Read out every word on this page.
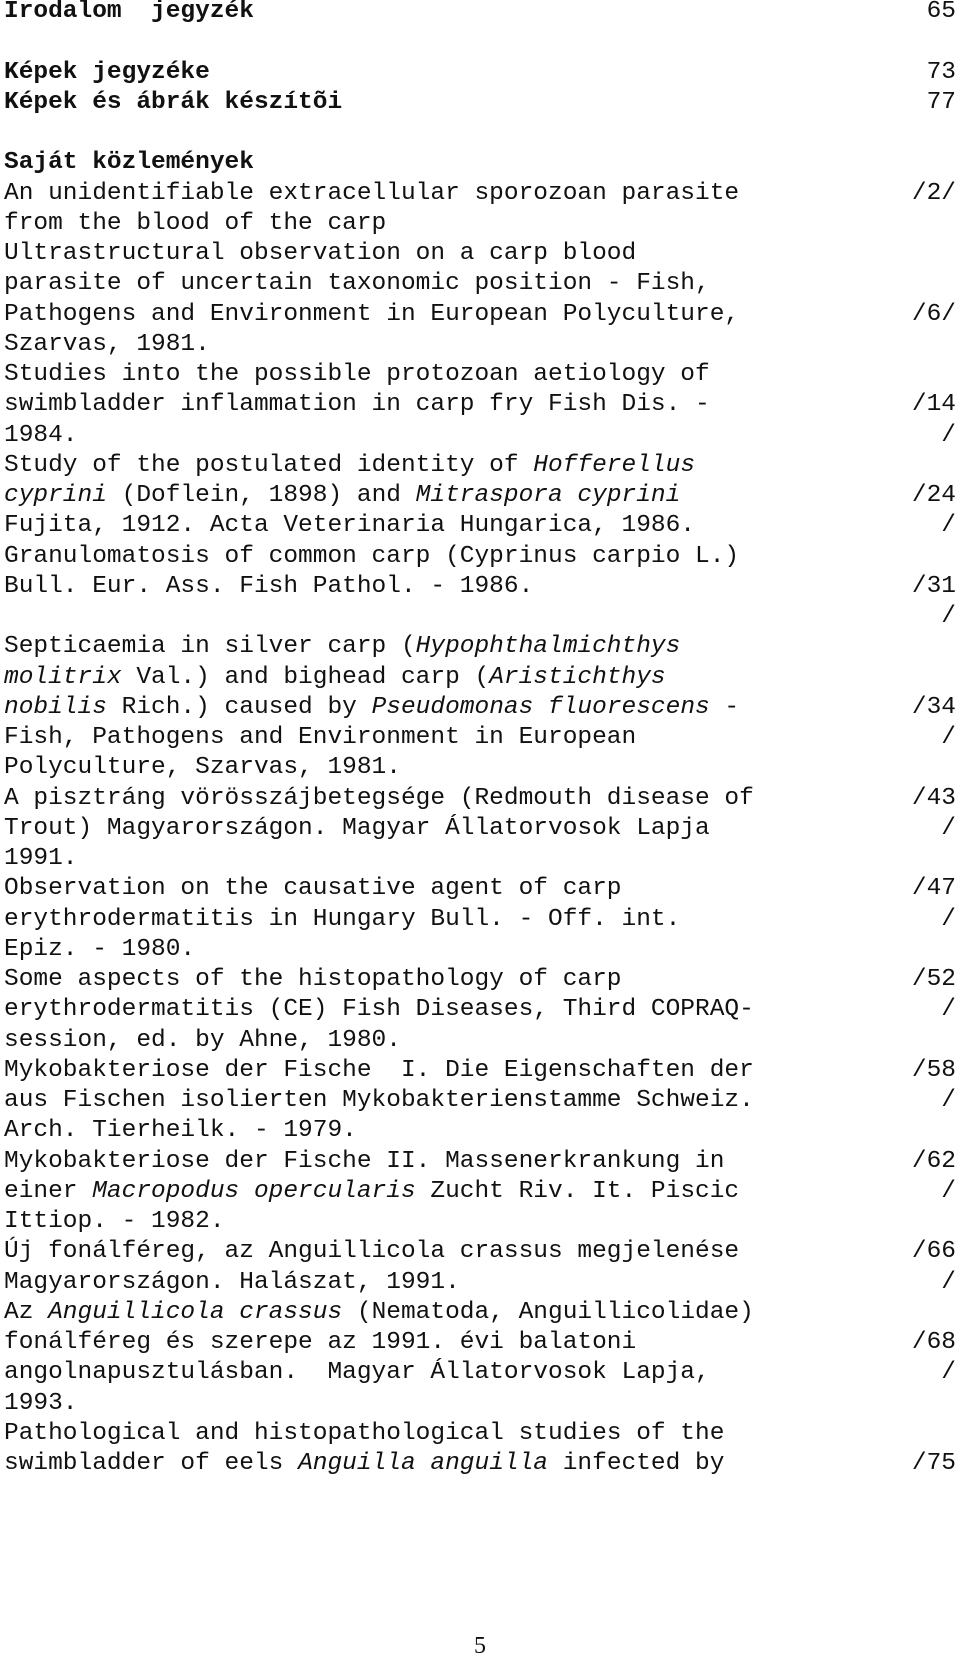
Irodalom  jegyzék	65
Képek jegyzéke	73
Képek és ábrák készítõi	77
Saját közlemények
An unidentifiable extracellular sporozoan parasite	/2/
from the blood of the carp
Ultrastructural observation on a carp blood
parasite of uncertain taxonomic position - Fish,
Pathogens and Environment in European Polyculture,	/6/
Szarvas, 1981.
Studies into the possible protozoan aetiology of
swimbladder inflammation in carp fry Fish Dis. -	/14
1984.	/
Study of the postulated identity of Hofferellus
cyprini (Doflein, 1898) and Mitraspora cyprini	/24
Fujita, 1912. Acta Veterinaria Hungarica, 1986.	/
Granulomatosis of common carp (Cyprinus carpio L.)
Bull. Eur. Ass. Fish Pathol. - 1986.	/31
/
Septicaemia in silver carp (Hypophthalmichthys
molitrix Val.) and bighead carp (Aristichthys
nobilis Rich.) caused by Pseudomonas fluorescens -	/34
Fish, Pathogens and Environment in European	/
Polyculture, Szarvas, 1981.
A pisztráng vörösszájbetegsége (Redmouth disease of	/43
Trout) Magyarországon. Magyar Állatorvosok Lapja	/
1991.
Observation on the causative agent of carp	/47
erythrodermatitis in Hungary Bull. - Off. int.	/
Epiz. - 1980.
Some aspects of the histopathology of carp	/52
erythrodermatitis (CE) Fish Diseases, Third COPRAQ-	/
session, ed. by Ahne, 1980.
Mykobakteriose der Fische  I. Die Eigenschaften der	/58
aus Fischen isolierten Mykobakterienstamme Schweiz.	/
Arch. Tierheilk. - 1979.
Mykobakteriose der Fische II. Massenerkrankung in	/62
einer Macropodus opercularis Zucht Riv. It. Piscic	/
Ittiop. - 1982.
Új fonálféreg, az Anguillicola crassus megjelenése	/66
Magyarországon. Halászat, 1991.	/
Az Anguillicola crassus (Nematoda, Anguillicolidae)
fonálféreg és szerepe az 1991. évi balatoni	/68
angolnapusztulásban.  Magyar Állatorvosok Lapja,	/
1993.
Pathological and histopathological studies of the
swimbladder of eels Anguilla anguilla infected by	/75
5
